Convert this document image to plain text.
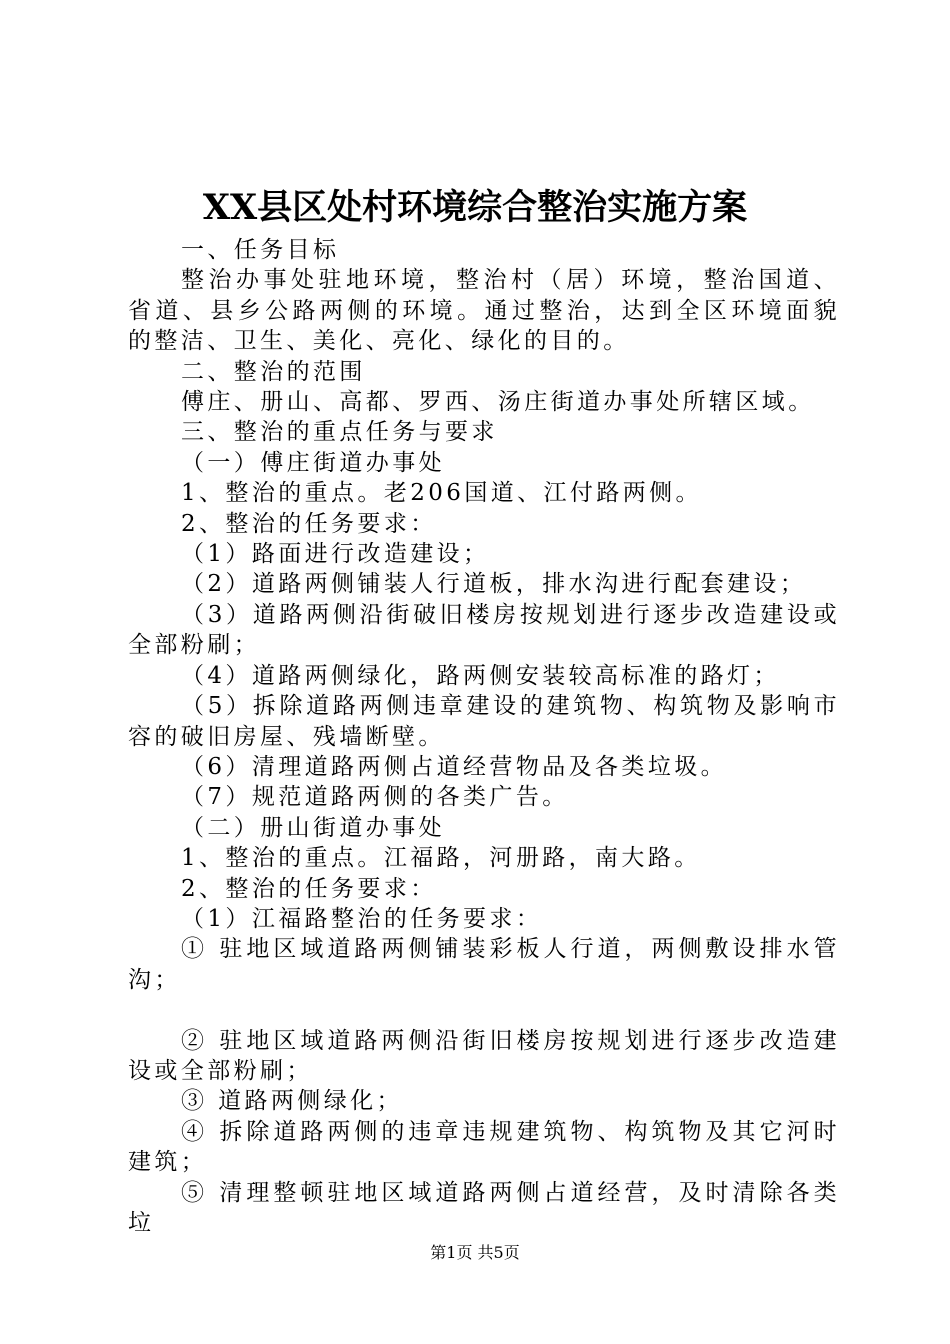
XX县区处村环境综合整治实施方案

一、任务目标

整治办事处驻地环境，整治村（居）环境，整治国道、省道、县乡公路两侧的环境。通过整治，达到全区环境面貌的整洁、卫生、美化、亮化、绿化的目的。

二、整治的范围

傅庄、册山、高都、罗西、汤庄街道办事处所辖区域。

三、整治的重点任务与要求

（一）傅庄街道办事处

1、整治的重点。老206国道、江付路两侧。

2、整治的任务要求：

（1）路面进行改造建设；

（2）道路两侧铺装人行道板，排水沟进行配套建设；

（3）道路两侧沿街破旧楼房按规划进行逐步改造建设或全部粉刷；

（4）道路两侧绿化，路两侧安装较高标准的路灯；

（5）拆除道路两侧违章建设的建筑物、构筑物及影响市容的破旧房屋、残墙断壁。

（6）清理道路两侧占道经营物品及各类垃圾。

（7）规范道路两侧的各类广告。

（二）册山街道办事处

1、整治的重点。江福路，河册路，南大路。

2、整治的任务要求：

（1）江福路整治的任务要求：

① 驻地区域道路两侧铺装彩板人行道，两侧敷设排水管沟；

② 驻地区域道路两侧沿街旧楼房按规划进行逐步改造建设或全部粉刷；

③ 道路两侧绿化；

④ 拆除道路两侧的违章违规建筑物、构筑物及其它河时建筑；

⑤ 清理整顿驻地区域道路两侧占道经营，及时清除各类垃

第1页 共5页
